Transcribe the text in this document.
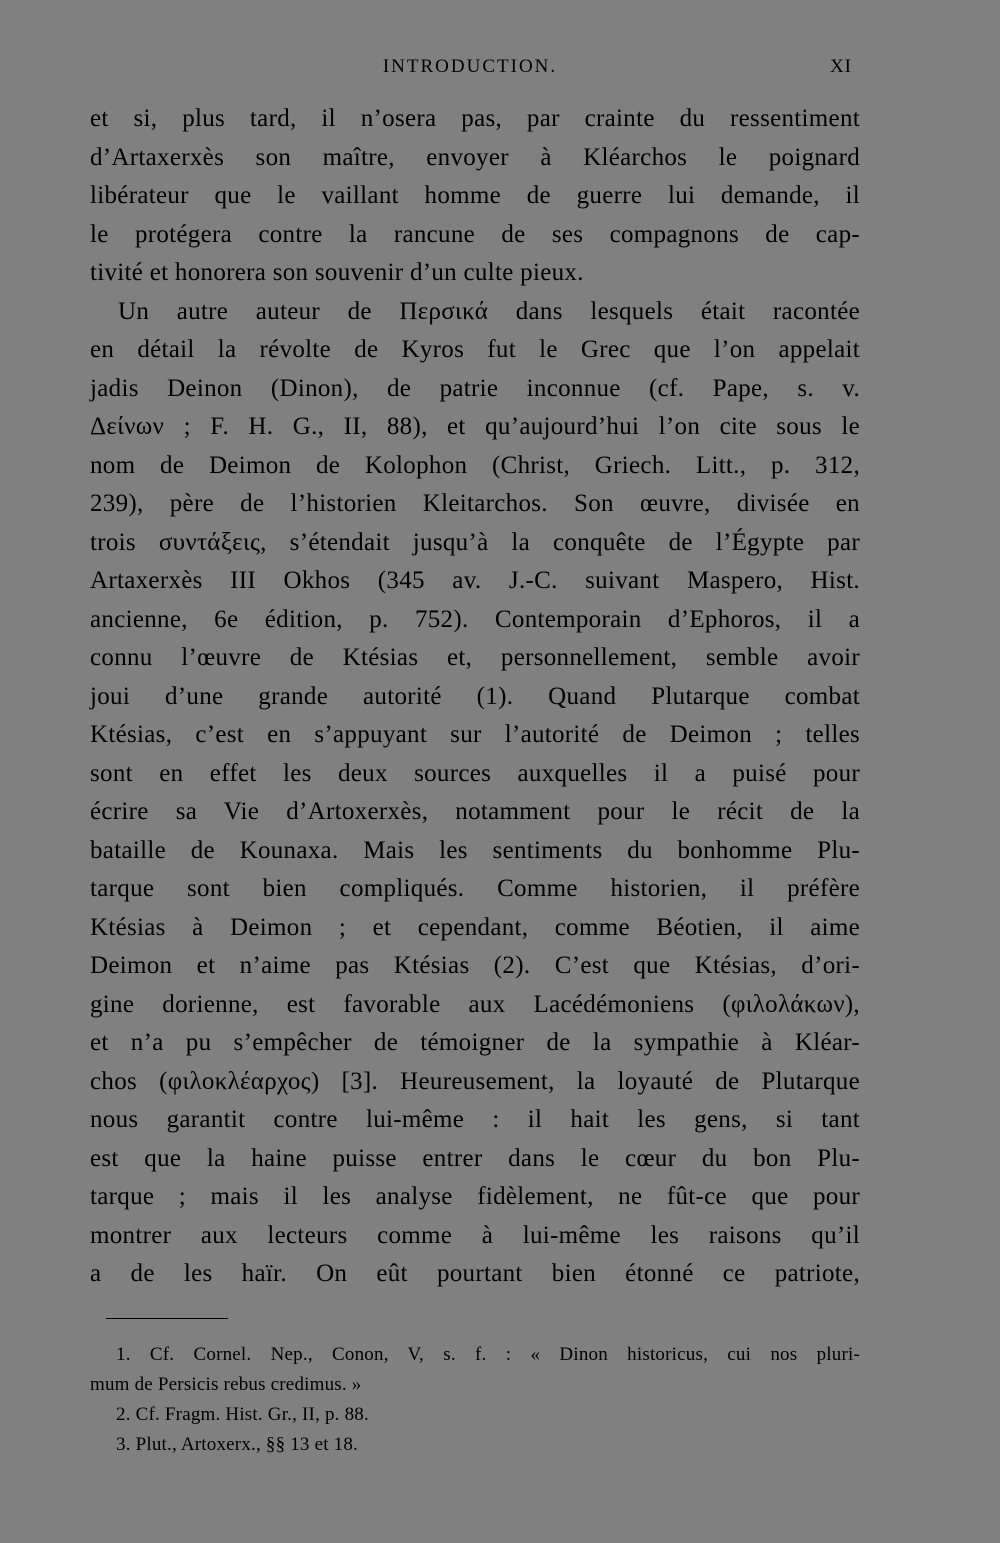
INTRODUCTION.	XI
et si, plus tard, il n’osera pas, par crainte du ressentiment
d’Artaxerxès son maître, envoyer à Kléarchos le poignard
libérateur que le vaillant homme de guerre lui demande, il
le protégera contre la rancune de ses compagnons de cap-
tivité et honorera son souvenir d’un culte pieux.
Un autre auteur de Περσικά dans lesquels était racontée
en détail la révolte de Kyros fut le Grec que l’on appelait
jadis Deinon (Dinon), de patrie inconnue (cf. Pape, s. v.
Δείνων ; F. H. G., II, 88), et qu’aujourd’hui l’on cite sous le
nom de Deimon de Kolophon (Christ, Griech. Litt., p. 312,
239), père de l’historien Kleitarchos. Son œuvre, divisée en
trois συντάξεις, s’étendait jusqu’à la conquête de l’Égypte par
Artaxerxès III Okhos (345 av. J.-C. suivant Maspero, Hist.
ancienne, 6e édition, p. 752). Contemporain d’Ephoros, il a
connu l’œuvre de Ktésias et, personnellement, semble avoir
joui d’une grande autorité (1). Quand Plutarque combat
Ktésias, c’est en s’appuyant sur l’autorité de Deimon ; telles
sont en effet les deux sources auxquelles il a puisé pour
écrire sa Vie d’Artoxerxès, notamment pour le récit de la
bataille de Kounaxa. Mais les sentiments du bonhomme Plu-
tarque sont bien compliqués. Comme historien, il préfère
Ktésias à Deimon ; et cependant, comme Béotien, il aime
Deimon et n’aime pas Ktésias (2). C’est que Ktésias, d’ori-
gine dorienne, est favorable aux Lacédémoniens (φιλολάκων),
et n’a pu s’empêcher de témoigner de la sympathie à Kléar-
chos (φιλοκλέαρχος) [3]. Heureusement, la loyauté de Plutarque
nous garantit contre lui-même : il hait les gens, si tant
est que la haine puisse entrer dans le cœur du bon Plu-
tarque ; mais il les analyse fidèlement, ne fût-ce que pour
montrer aux lecteurs comme à lui-même les raisons qu’il
a de les haïr. On eût pourtant bien étonné ce patriote,
1. Cf. Cornel. Nep., Conon, V, s. f. : « Dinon historicus, cui nos pluri-
mum de Persicis rebus credimus. »
2. Cf. Fragm. Hist. Gr., II, p. 88.
3. Plut., Artoxerx., §§ 13 et 18.
